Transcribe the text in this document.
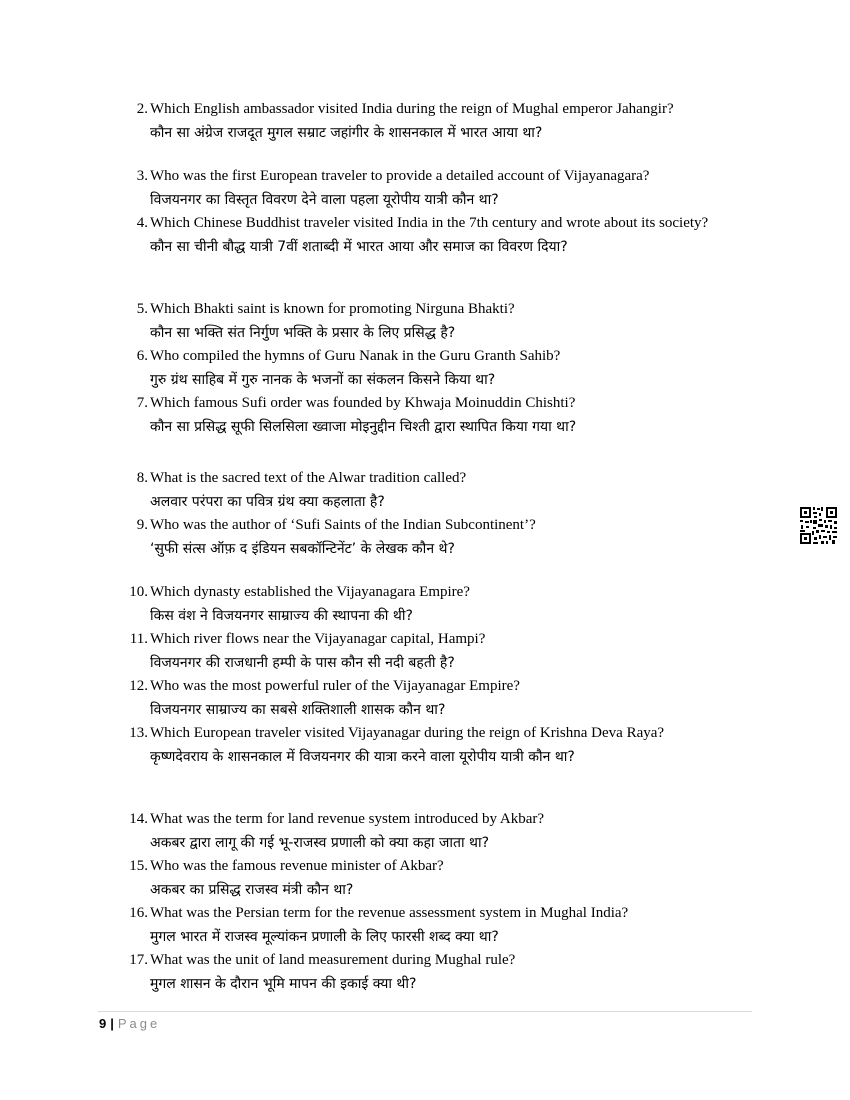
2. Which English ambassador visited India during the reign of Mughal emperor Jahangir?
कौन सा अंग्रेज राजदूत मुगल सम्राट जहांगीर के शासनकाल में भारत आया था?
3. Who was the first European traveler to provide a detailed account of Vijayanagara?
विजयनगर का विस्तृत विवरण देने वाला पहला यूरोपीय यात्री कौन था?
4. Which Chinese Buddhist traveler visited India in the 7th century and wrote about its society?
कौन सा चीनी बौद्ध यात्री 7वीं शताब्दी में भारत आया और समाज का विवरण दिया?
5. Which Bhakti saint is known for promoting Nirguna Bhakti?
कौन सा भक्ति संत निर्गुण भक्ति के प्रसार के लिए प्रसिद्ध है?
6. Who compiled the hymns of Guru Nanak in the Guru Granth Sahib?
गुरु ग्रंथ साहिब में गुरु नानक के भजनों का संकलन किसने किया था?
7. Which famous Sufi order was founded by Khwaja Moinuddin Chishti?
कौन सा प्रसिद्ध सूफी सिलसिला ख्वाजा मोइनुद्दीन चिश्ती द्वारा स्थापित किया गया था?
8. What is the sacred text of the Alwar tradition called?
अलवार परंपरा का पवित्र ग्रंथ क्या कहलाता है?
9. Who was the author of ‘Sufi Saints of the Indian Subcontinent’?
‘सुफी संत्स ऑफ़ द इंडियन सबकॉन्टिनेंट’ के लेखक कौन थे?
10. Which dynasty established the Vijayanagara Empire?
किस वंश ने विजयनगर साम्राज्य की स्थापना की थी?
11. Which river flows near the Vijayanagar capital, Hampi?
विजयनगर की राजधानी हम्पी के पास कौन सी नदी बहती है?
12. Who was the most powerful ruler of the Vijayanagar Empire?
विजयनगर साम्राज्य का सबसे शक्तिशाली शासक कौन था?
13. Which European traveler visited Vijayanagar during the reign of Krishna Deva Raya?
कृष्णदेवराय के शासनकाल में विजयनगर की यात्रा करने वाला यूरोपीय यात्री कौन था?
14. What was the term for land revenue system introduced by Akbar?
अकबर द्वारा लागू की गई भू-राजस्व प्रणाली को क्या कहा जाता था?
15. Who was the famous revenue minister of Akbar?
अकबर का प्रसिद्ध राजस्व मंत्री कौन था?
16. What was the Persian term for the revenue assessment system in Mughal India?
मुगल भारत में राजस्व मूल्यांकन प्रणाली के लिए फारसी शब्द क्या था?
17. What was the unit of land measurement during Mughal rule?
मुगल शासन के दौरान भूमि मापन की इकाई क्या थी?
9 | Page
